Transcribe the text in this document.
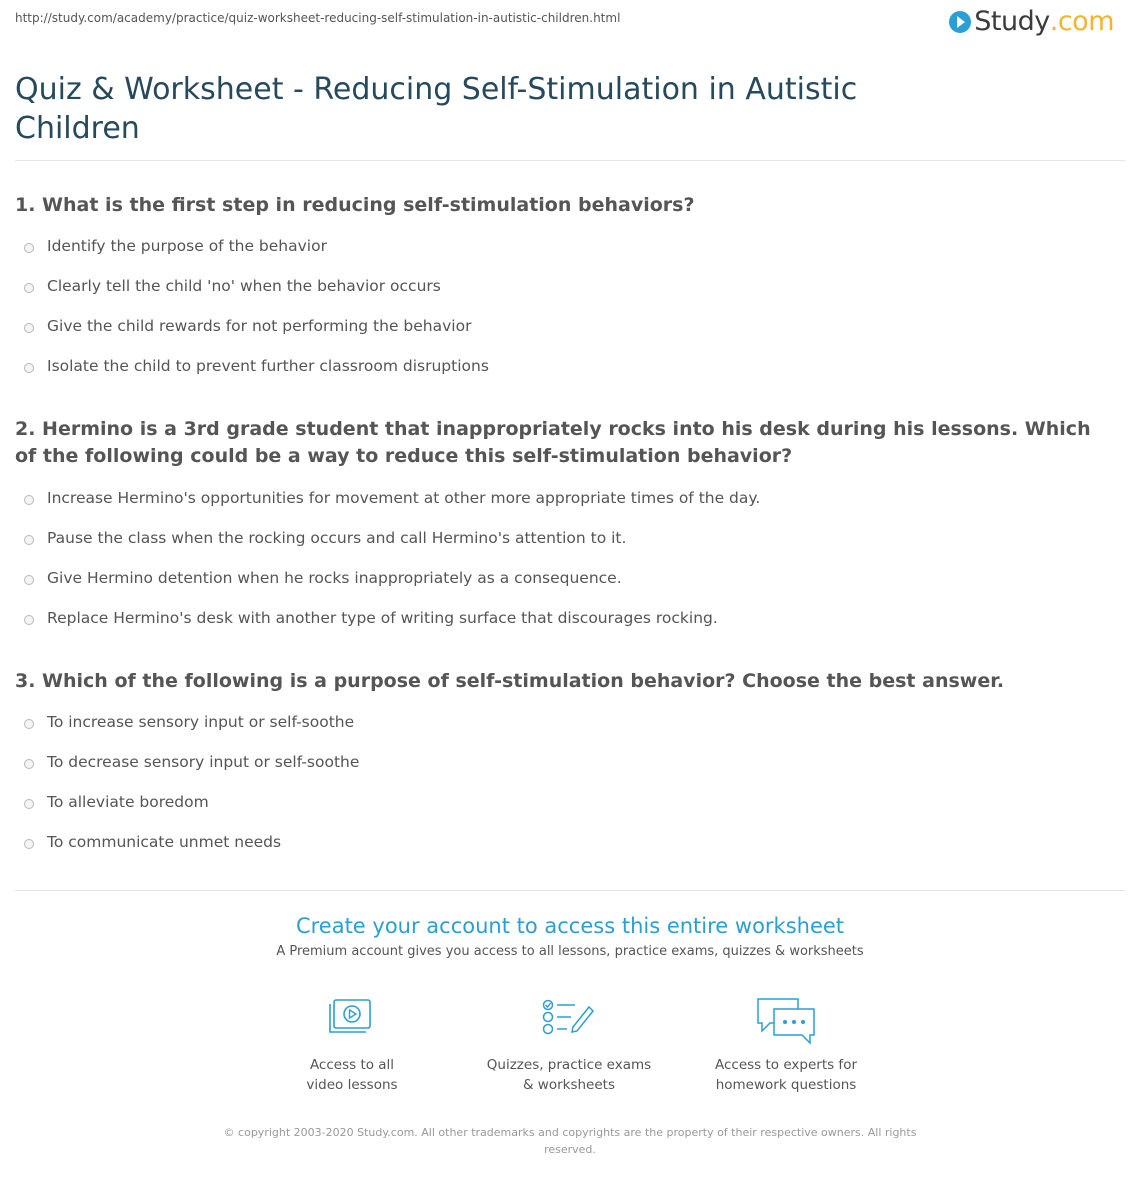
http://study.com/academy/practice/quiz-worksheet-reducing-self-stimulation-in-autistic-children.html	Study .com
Quiz & Worksheet - Reducing Self-Stimulation in Autistic Children
1. What is the first step in reducing self-stimulation behaviors?
Identify the purpose of the behavior
Clearly tell the child 'no' when the behavior occurs
Give the child rewards for not performing the behavior
Isolate the child to prevent further classroom disruptions
2. Hermino is a 3rd grade student that inappropriately rocks into his desk during his lessons. Which of the following could be a way to reduce this self-stimulation behavior?
Increase Hermino's opportunities for movement at other more appropriate times of the day.
Pause the class when the rocking occurs and call Hermino's attention to it.
Give Hermino detention when he rocks inappropriately as a consequence.
Replace Hermino's desk with another type of writing surface that discourages rocking.
3. Which of the following is a purpose of self-stimulation behavior? Choose the best answer.
To increase sensory input or self-soothe
To decrease sensory input or self-soothe
To alleviate boredom
To communicate unmet needs
Create your account to access this entire worksheet
A Premium account gives you access to all lessons, practice exams, quizzes & worksheets
Access to all
video lessons
Quizzes, practice exams
& worksheets
Access to experts for
homework questions
© copyright 2003-2020 Study.com. All other trademarks and copyrights are the property of their respective owners. All rights reserved.
